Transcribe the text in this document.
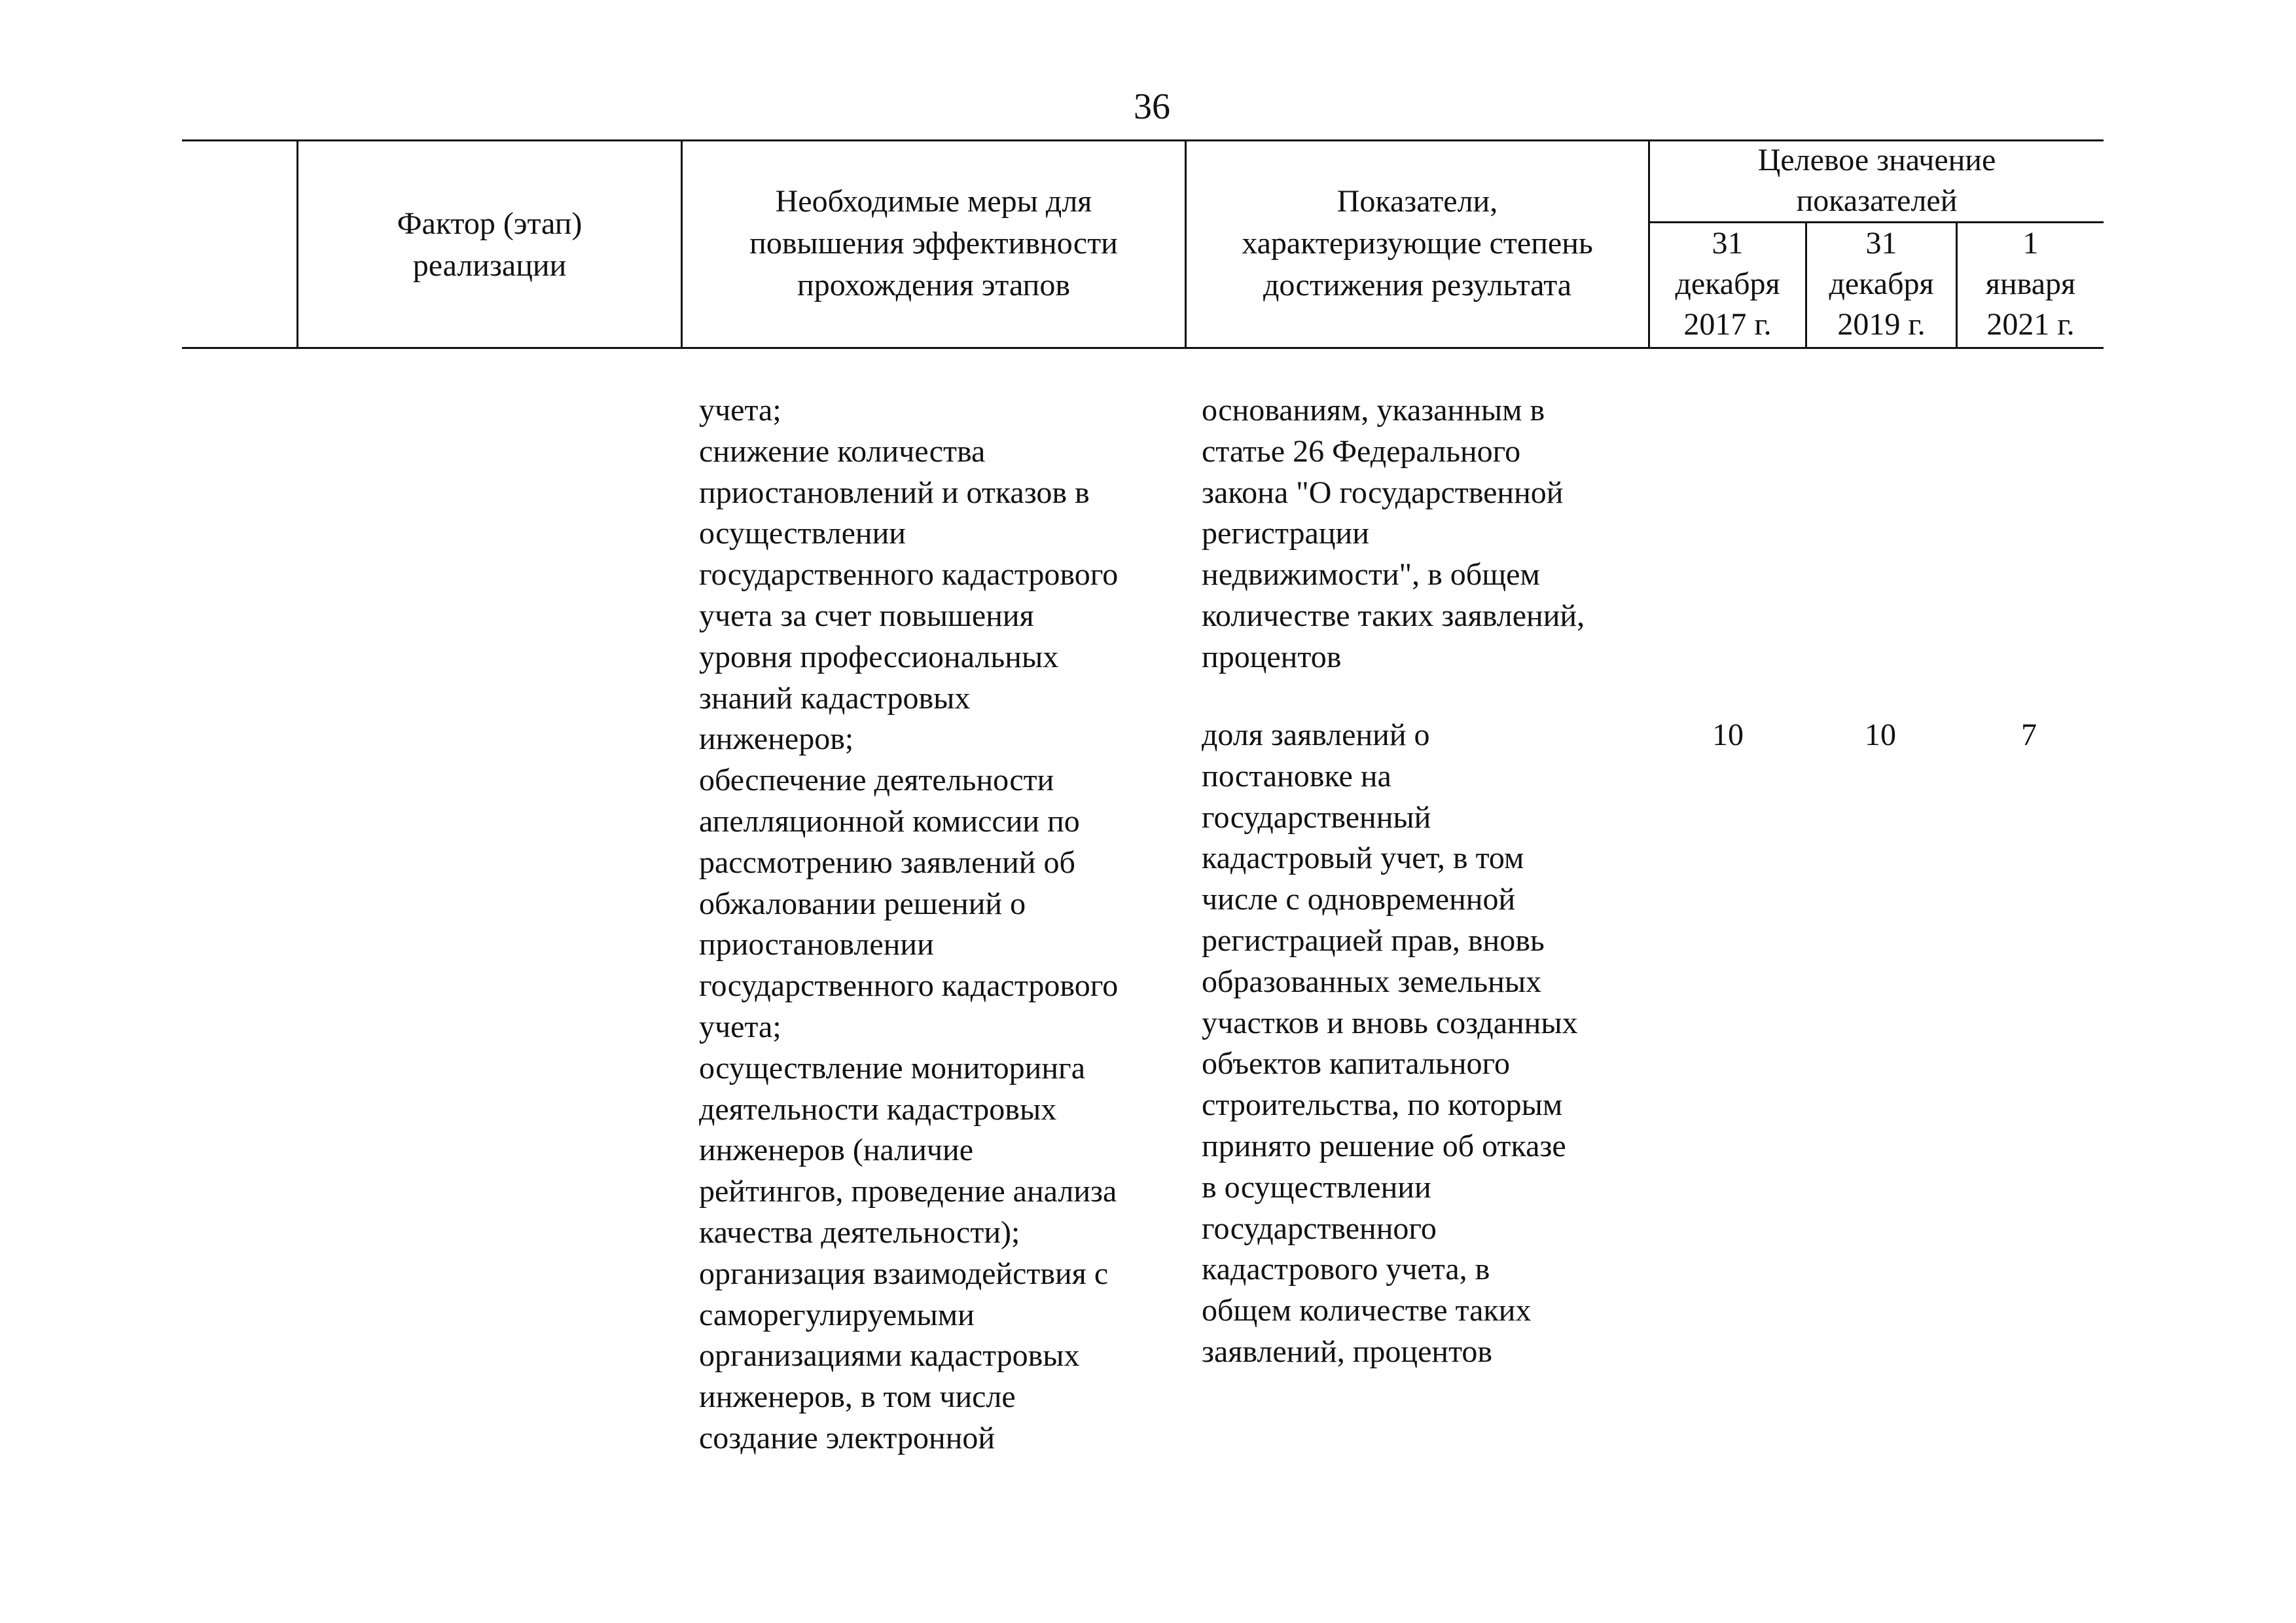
36
Фактор (этап)
реализации
Необходимые меры для
повышения эффективности
прохождения этапов
Показатели,
характеризующие степень
достижения результата
Целевое значение
показателей
31
декабря
2017 г.
31
декабря
2019 г.
1
января
2021 г.
учета;
снижение количества
приостановлений и отказов в
осуществлении
государственного кадастрового
учета за счет повышения
уровня профессиональных
знаний кадастровых
инженеров;
обеспечение деятельности
апелляционной комиссии по
рассмотрению заявлений об
обжаловании решений о
приостановлении
государственного кадастрового
учета;
осуществление мониторинга
деятельности кадастровых
инженеров (наличие
рейтингов, проведение анализа
качества деятельности);
организация взаимодействия с
саморегулируемыми
организациями кадастровых
инженеров, в том числе
создание электронной
основаниям, указанным в
статье 26 Федерального
закона "О государственной
регистрации
недвижимости", в общем
количестве таких заявлений,
процентов
доля заявлений о
постановке на
государственный
кадастровый учет, в том
числе с одновременной
регистрацией прав, вновь
образованных земельных
участков и вновь созданных
объектов капитального
строительства, по которым
принято решение об отказе
в осуществлении
государственного
кадастрового учета, в
общем количестве таких
заявлений, процентов
10	10	7
